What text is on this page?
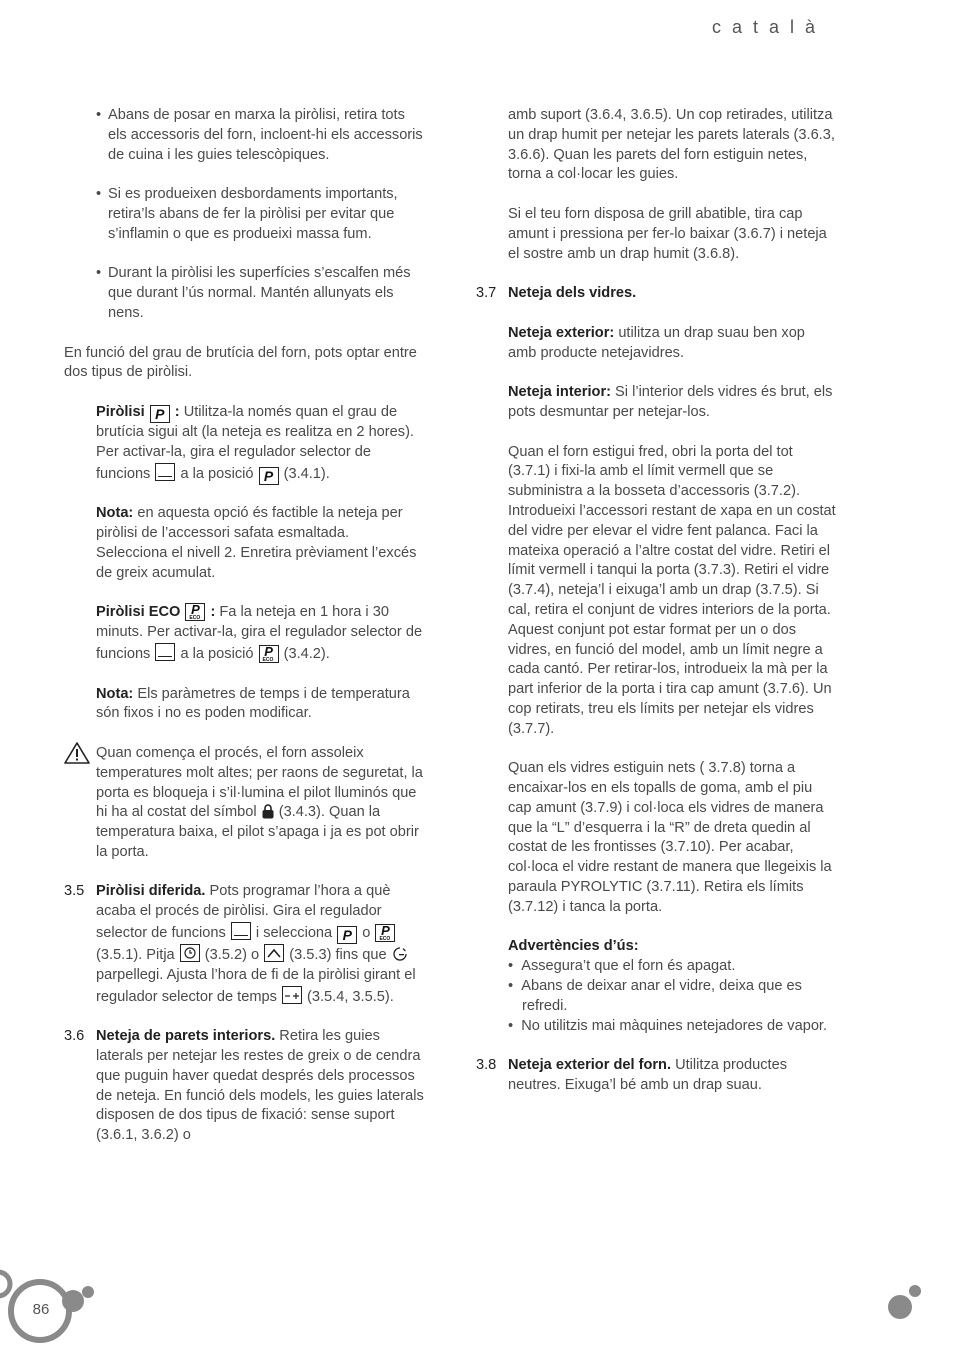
català

• Abans de posar en marxa la piròlisi, retira tots els accessoris del forn, incloent-hi els accessoris de cuina i les guies telescòpiques.

• Si es produeixen desbordaments importants, retira’ls abans de fer la piròlisi per evitar que s’inflamin o que es produeixi massa fum.

• Durant la piròlisi les superfícies s’escalfen més que durant l’ús normal. Mantén allunyats els nens.

En funció del grau de brutícia del forn, pots optar entre dos tipus de piròlisi.

Piròlisi P : Utilitza-la només quan el grau de brutícia sigui alt (la neteja es realitza en 2 hores). Per activar-la, gira el regulador selector de funcions  a la posició P (3.4.1).

Nota: en aquesta opció és factible la neteja per piròlisi de l’accessori safata esmaltada. Selecciona el nivell 2. Enretira prèviament l’excés de greix acumulat.

Piròlisi ECO P
ECO : Fa la neteja en 1 hora i 30 minuts. Per activar-la, gira el regulador selector de funcions  a la posició P
ECO (3.4.2).

Nota: Els paràmetres de temps i de temperatura són fixos i no es poden modificar.

Quan comença el procés, el forn assoleix temperatures molt altes; per raons de seguretat, la porta es bloqueja i s’il·lumina el pilot lluminós que hi ha al costat del símbol  (3.4.3). Quan la temperatura baixa, el pilot s’apaga i ja es pot obrir la porta.

3.5 Piròlisi diferida. Pots programar l’hora a què acaba el procés de piròlisi. Gira el regulador selector de funcions  i selecciona P o P
ECO
(3.5.1). Pitja
(3.5.2) o
(3.5.3) fins que  parpellegi. Ajusta l’hora de fi de la piròlisi girant el regulador selector de temps
(3.5.4, 3.5.5).

3.6 Neteja de parets interiors. Retira les guies laterals per netejar les restes de greix o de cendra que puguin haver quedat després dels processos de neteja. En funció dels models, les guies laterals disposen de dos tipus de fixació: sense suport (3.6.1, 3.6.2) o

amb suport (3.6.4, 3.6.5). Un cop retirades, utilitza un drap humit per netejar les parets laterals (3.6.3, 3.6.6). Quan les parets del forn estiguin netes, torna a col·locar les guies.

Si el teu forn disposa de grill abatible, tira cap amunt i pressiona per fer-lo baixar (3.6.7) i neteja el sostre amb un drap humit (3.6.8).

3.7 Neteja dels vidres.

Neteja exterior: utilitza un drap suau ben xop amb producte netejavidres.

Neteja interior: Si l’interior dels vidres és brut, els pots desmuntar per netejar-los.

Quan el forn estigui fred, obri la porta del tot (3.7.1) i fixi-la amb el límit vermell que se subministra a la bosseta d’accessoris (3.7.2). Introdueixi l’accessori restant de xapa en un costat del vidre per elevar el vidre fent palanca. Faci la mateixa operació a l’altre costat del vidre. Retiri el límit vermell i tanqui la porta (3.7.3). Retiri el vidre (3.7.4), neteja’l i eixuga’l amb un drap (3.7.5). Si cal, retira el conjunt de vidres interiors de la porta. Aquest conjunt pot estar format per un o dos vidres, en funció del model, amb un límit negre a cada cantó. Per retirar-los, introdueix la mà per la part inferior de la porta i tira cap amunt (3.7.6). Un cop retirats, treu els límits per netejar els vidres (3.7.7).

Quan els vidres estiguin nets ( 3.7.8) torna a encaixar-los en els topalls de goma, amb el piu cap amunt (3.7.9) i col·loca els vidres de manera que la “L” d’esquerra i la “R” de dreta quedin al costat de les frontisses (3.7.10). Per acabar, col·loca el vidre restant de manera que llegeixis la paraula PYROLYTIC (3.7.11). Retira els límits (3.7.12) i tanca la porta.

Advertències d’ús:

•  Assegura’t que el forn és apagat.

•  Abans de deixar anar el vidre, deixa que es refredi.

•  No utilitzis mai màquines netejadores de vapor.

3.8 Neteja exterior del forn. Utilitza productes neutres. Eixuga’l bé amb un drap suau.

86
